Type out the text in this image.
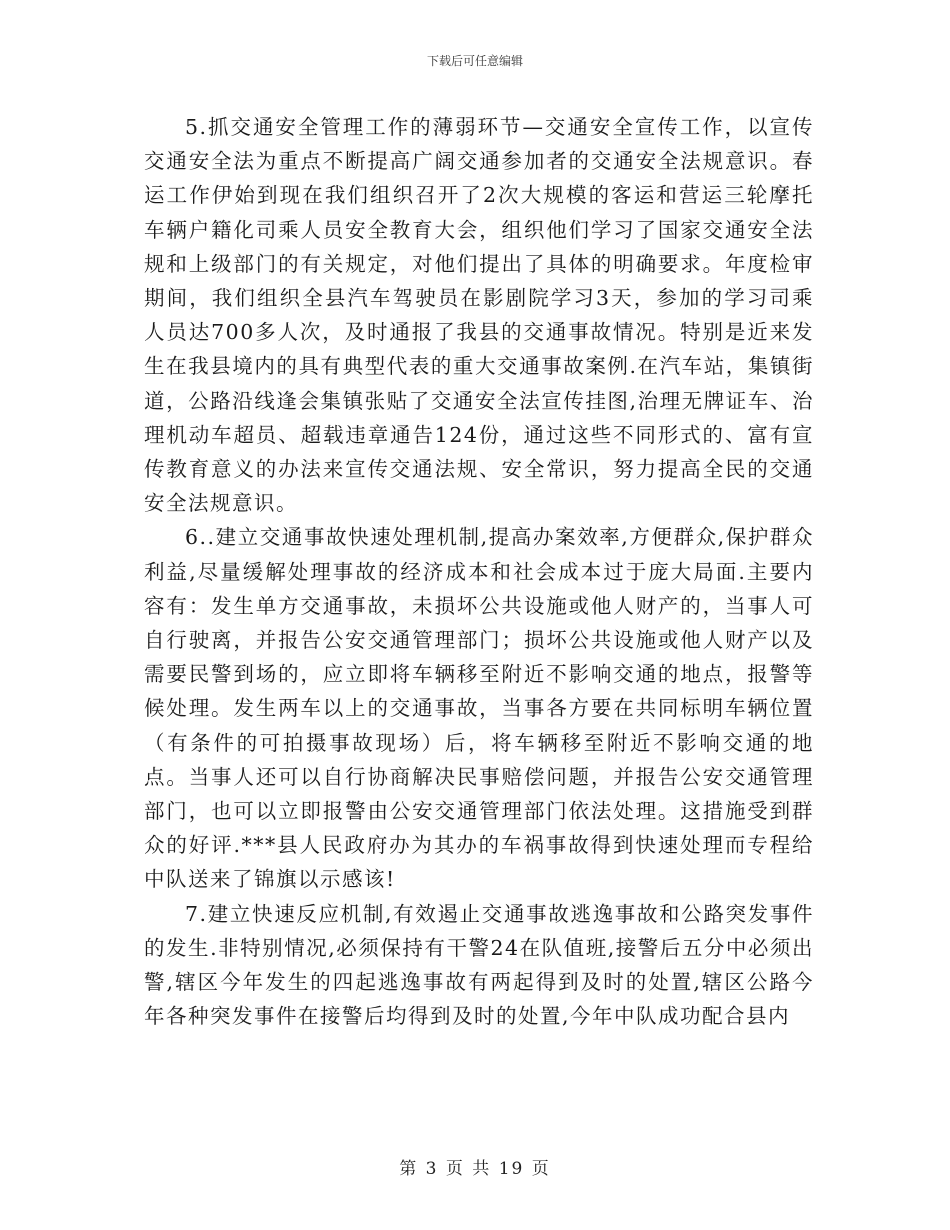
下载后可任意编辑

5.抓交通安全管理工作的薄弱环节—交通安全宣传工作，以宣传交通安全法为重点不断提高广阔交通参加者的交通安全法规意识。春运工作伊始到现在我们组织召开了2次大规模的客运和营运三轮摩托车辆户籍化司乘人员安全教育大会，组织他们学习了国家交通安全法规和上级部门的有关规定，对他们提出了具体的明确要求。年度检审期间，我们组织全县汽车驾驶员在影剧院学习3天，参加的学习司乘人员达700多人次，及时通报了我县的交通事故情况。特别是近来发生在我县境内的具有典型代表的重大交通事故案例.在汽车站，集镇街道，公路沿线逢会集镇张贴了交通安全法宣传挂图,治理无牌证车、治理机动车超员、超载违章通告124份，通过这些不同形式的、富有宣传教育意义的办法来宣传交通法规、安全常识，努力提高全民的交通安全法规意识。

6..建立交通事故快速处理机制,提高办案效率,方便群众,保护群众利益,尽量缓解处理事故的经济成本和社会成本过于庞大局面.主要内容有：发生单方交通事故，未损坏公共设施或他人财产的，当事人可自行驶离，并报告公安交通管理部门；损坏公共设施或他人财产以及需要民警到场的，应立即将车辆移至附近不影响交通的地点，报警等候处理。发生两车以上的交通事故，当事各方要在共同标明车辆位置（有条件的可拍摄事故现场）后，将车辆移至附近不影响交通的地点。当事人还可以自行协商解决民事赔偿问题，并报告公安交通管理部门，也可以立即报警由公安交通管理部门依法处理。这措施受到群众的好评.***县人民政府办为其办的车祸事故得到快速处理而专程给中队送来了锦旗以示感该!

7.建立快速反应机制,有效遏止交通事故逃逸事故和公路突发事件的发生.非特别情况,必须保持有干警24在队值班,接警后五分中必须出警,辖区今年发生的四起逃逸事故有两起得到及时的处置,辖区公路今年各种突发事件在接警后均得到及时的处置,今年中队成功配合县内

第 3 页 共 19 页
